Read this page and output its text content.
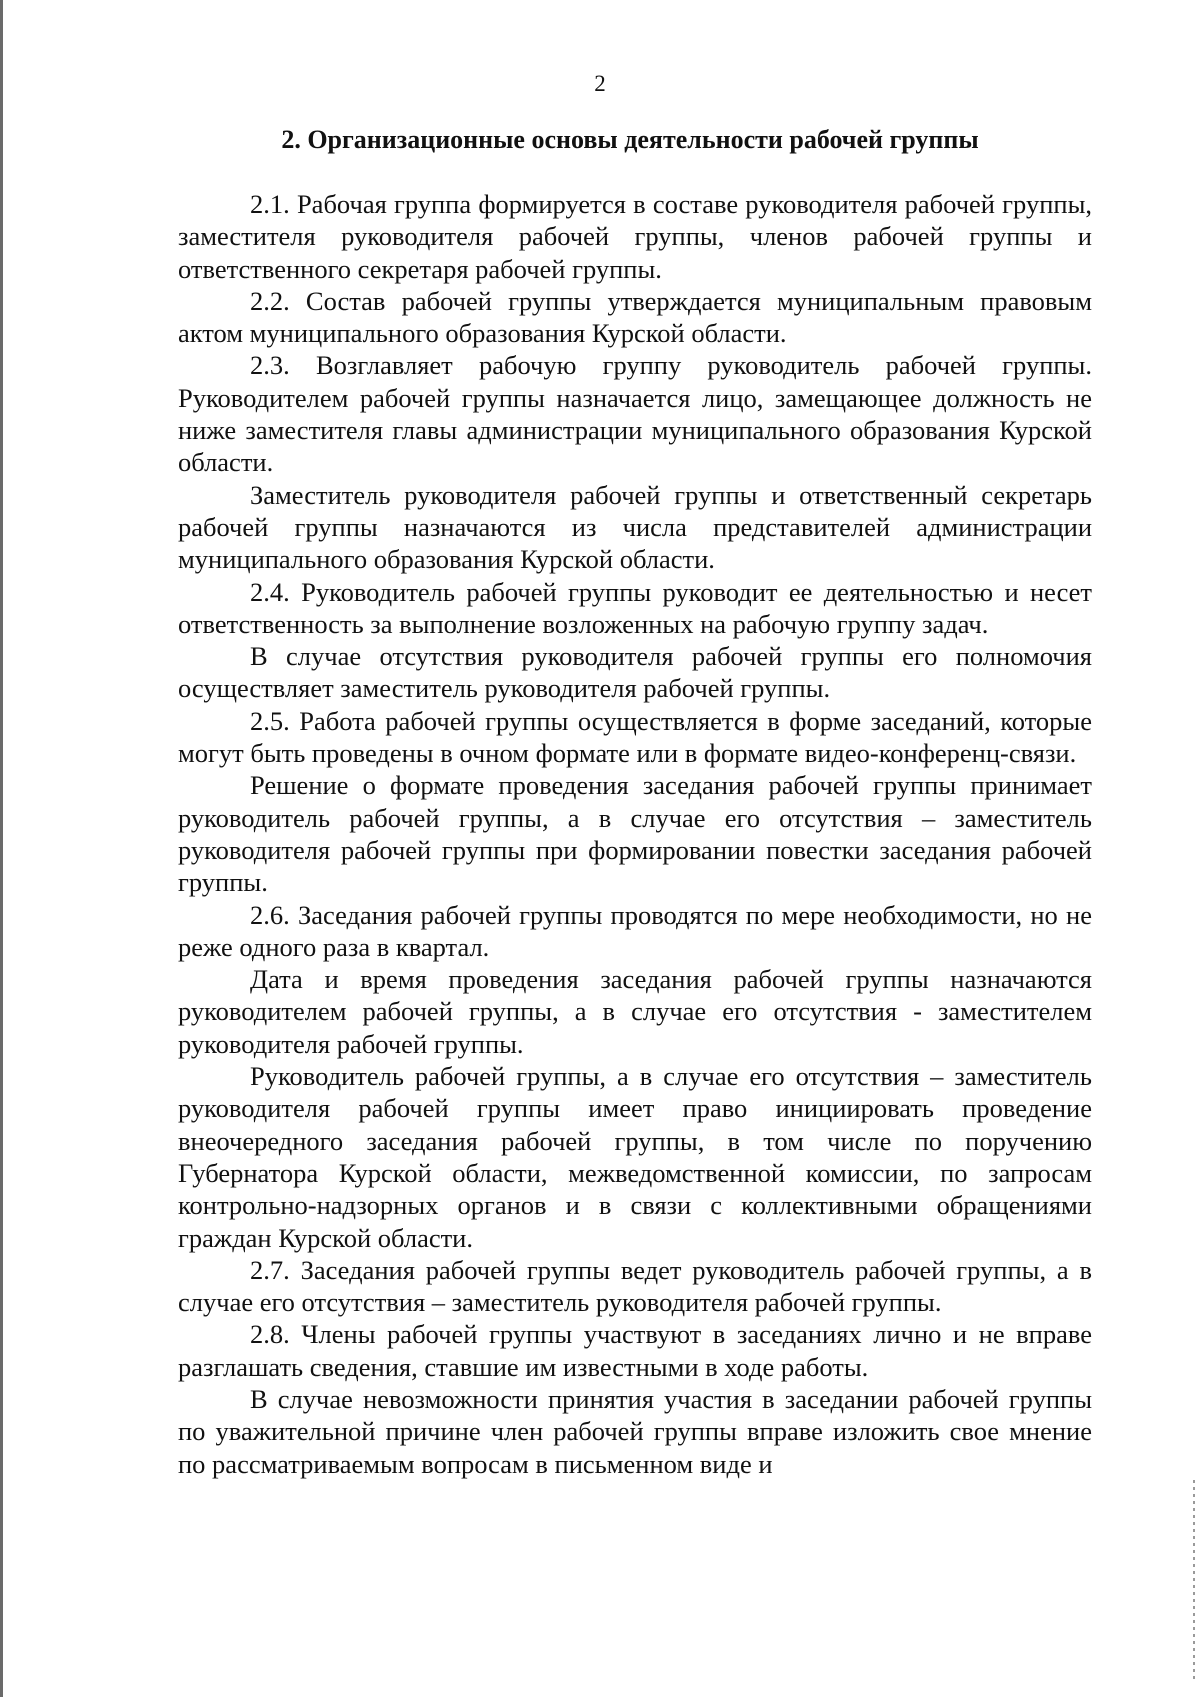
2
2. Организационные основы деятельности рабочей группы

2.1. Рабочая группа формируется в составе руководителя рабочей группы, заместителя руководителя рабочей группы, членов рабочей группы и ответственного секретаря рабочей группы.

2.2. Состав рабочей группы утверждается муниципальным правовым актом муниципального образования Курской области.

2.3. Возглавляет рабочую группу руководитель рабочей группы. Руководителем рабочей группы назначается лицо, замещающее должность не ниже заместителя главы администрации муниципального образования Курской области.

Заместитель руководителя рабочей группы и ответственный секретарь рабочей группы назначаются из числа представителей администрации муниципального образования Курской области.

2.4. Руководитель рабочей группы руководит ее деятельностью и несет ответственность за выполнение возложенных на рабочую группу задач.

В случае отсутствия руководителя рабочей группы его полномочия осуществляет заместитель руководителя рабочей группы.

2.5. Работа рабочей группы осуществляется в форме заседаний, которые могут быть проведены в очном формате или в формате видео-конференц-связи.

Решение о формате проведения заседания рабочей группы принимает руководитель рабочей группы, а в случае его отсутствия – заместитель руководителя рабочей группы при формировании повестки заседания рабочей группы.

2.6. Заседания рабочей группы проводятся по мере необходимости, но не реже одного раза в квартал.

Дата и время проведения заседания рабочей группы назначаются руководителем рабочей группы, а в случае его отсутствия - заместителем руководителя рабочей группы.

Руководитель рабочей группы, а в случае его отсутствия – заместитель руководителя рабочей группы имеет право инициировать проведение внеочередного заседания рабочей группы, в том числе по поручению Губернатора Курской области, межведомственной комиссии, по запросам контрольно-надзорных органов и в связи с коллективными обращениями граждан Курской области.

2.7. Заседания рабочей группы ведет руководитель рабочей группы, а в случае его отсутствия – заместитель руководителя рабочей группы.

2.8. Члены рабочей группы участвуют в заседаниях лично и не вправе разглашать сведения, ставшие им известными в ходе работы.

В случае невозможности принятия участия в заседании рабочей группы по уважительной причине член рабочей группы вправе изложить свое мнение по рассматриваемым вопросам в письменном виде и
